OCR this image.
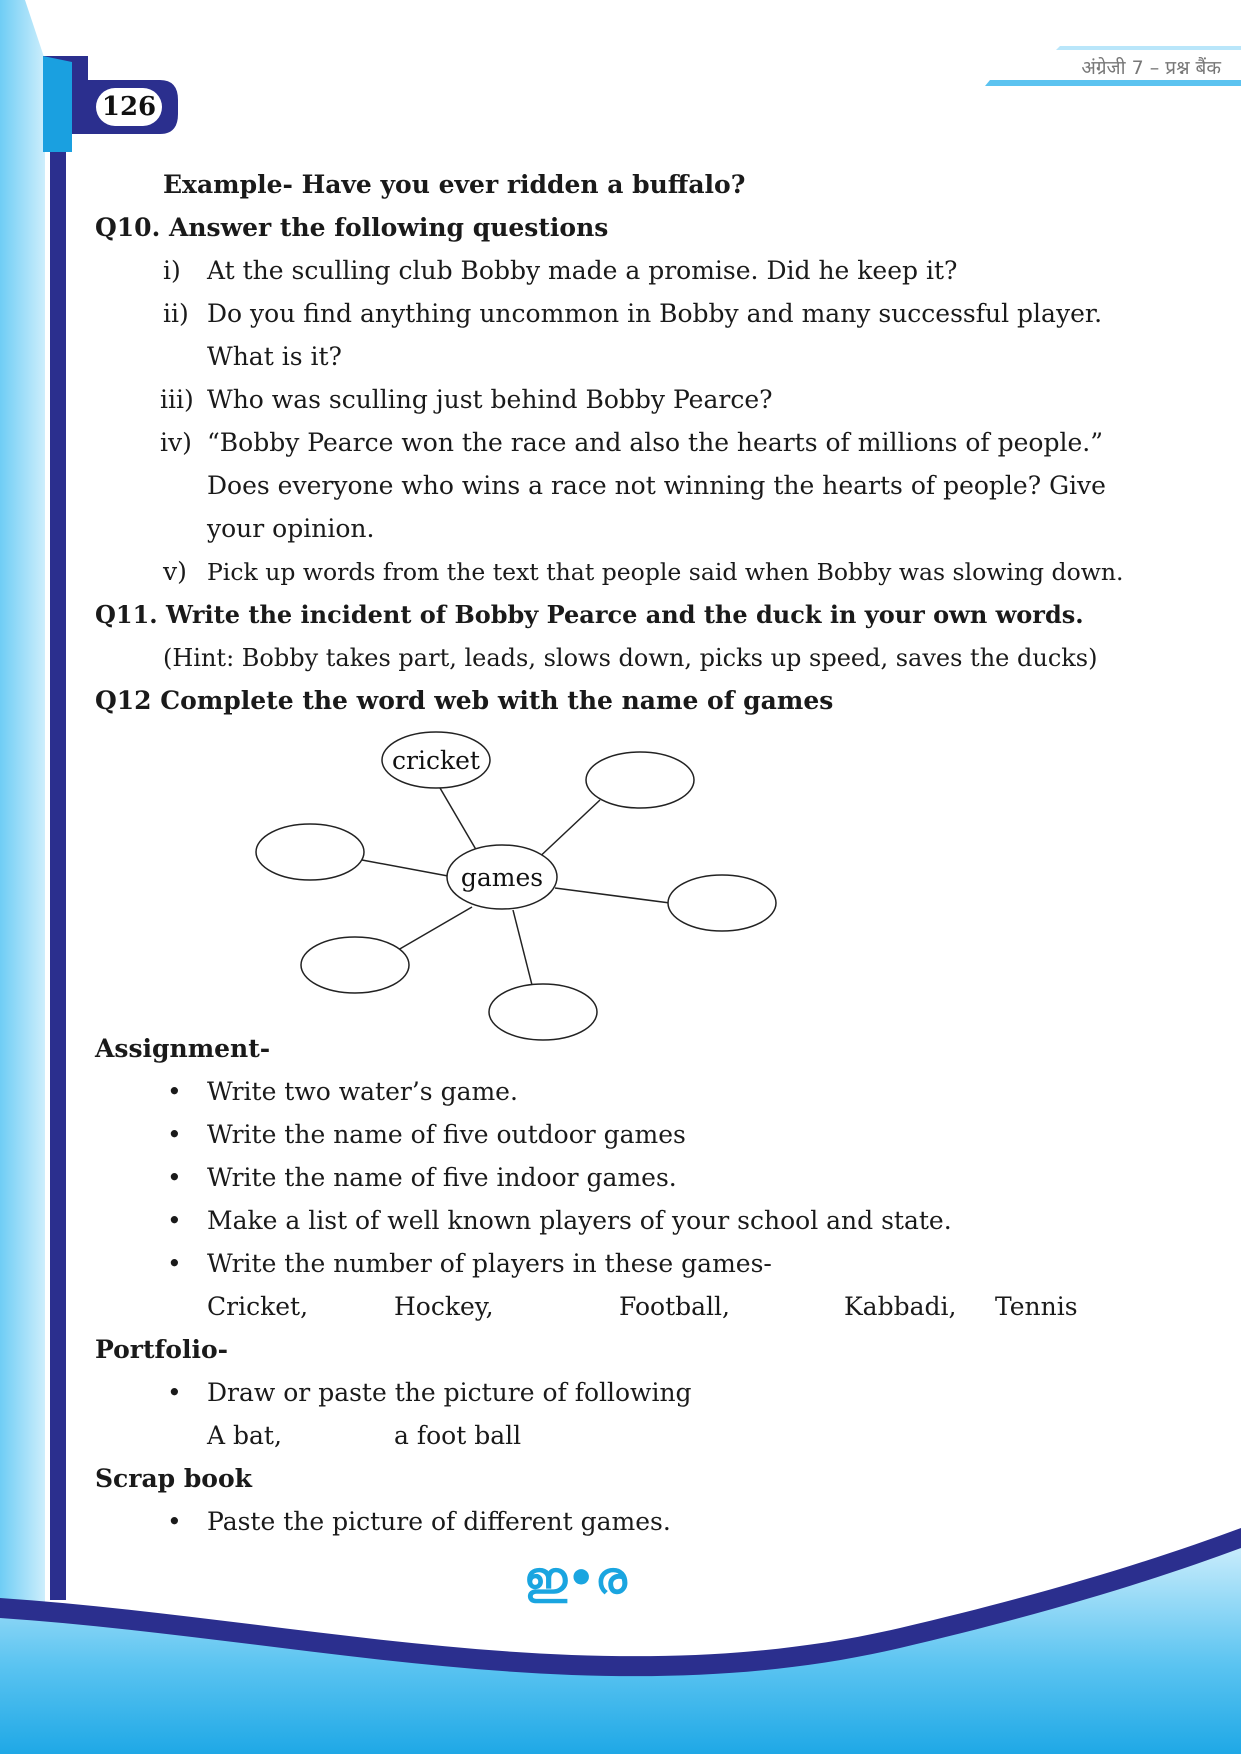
126
अंग्रेजी 7 – प्रश्न बैंक
Example- Have you ever ridden a buffalo?
Q10. Answer the following questions
i) At the sculling club Bobby made a promise. Did he keep it?
ii) Do you find anything uncommon in Bobby and many successful player.
What is it?
iii) Who was sculling just behind Bobby Pearce?
iv) “Bobby Pearce won the race and also the hearts of millions of people.”
Does everyone who wins a race not winning the hearts of people? Give
your opinion.
v) Pick up words from the text that people said when Bobby was slowing down.
Q11. Write the incident of Bobby Pearce and the duck in your own words.
(Hint: Bobby takes part, leads, slows down, picks up speed, saves the ducks)
Q12 Complete the word web with the name of games
cricket
games
Assignment-
• Write two water’s game.
• Write the name of five outdoor games
• Write the name of five indoor games.
• Make a list of well known players of your school and state.
• Write the number of players in these games-
Cricket,	Hockey,	Football,	Kabbadi, Tennis
Portfolio-
• Draw or paste the picture of following
A bat,	a foot ball
Scrap book
• Paste the picture of different games.
ഇ•ര
